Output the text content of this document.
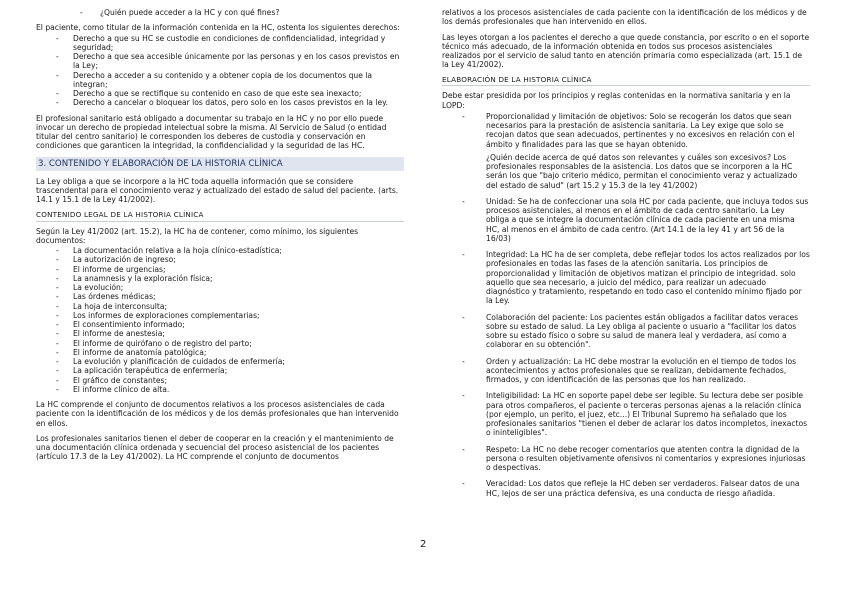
- ¿Quién puede acceder a la HC y con qué fines?

El paciente, como titular de la información contenida en la HC, ostenta los siguientes derechos:

- Derecho a que su HC se custodie en condiciones de confidencialidad, integridad y seguridad;
- Derecho a que sea accesible únicamente por las personas y en los casos previstos en la Ley;
- Derecho a acceder a su contenido y a obtener copia de los documentos que la integran;
- Derecho a que se rectifique su contenido en caso de que este sea inexacto;
- Derecho a cancelar o bloquear los datos, pero solo en los casos previstos en la ley.

El profesional sanitario está obligado a documentar su trabajo en la HC y no por ello puede invocar un derecho de propiedad intelectual sobre la misma. Al Servicio de Salud (o entidad titular del centro sanitario) le corresponden los deberes de custodia y conservación en condiciones que garanticen la integridad, la confidencialidad y la seguridad de las HC.

3. CONTENIDO Y ELABORACIÓN DE LA HISTORIA CLÍNICA

La Ley obliga a que se incorpore a la HC toda aquella información que se considere trascendental para el conocimiento veraz y actualizado del estado de salud del paciente. (arts. 14.1 y 15.1 de la Ley 41/2002).

CONTENIDO LEGAL DE LA HISTORIA CLÍNICA

Según la Ley 41/2002 (art. 15.2), la HC ha de contener, como mínimo, los siguientes documentos:

- La documentación relativa a la hoja clínico-estadística;
- La autorización de ingreso;
- El informe de urgencias;
- La anamnesis y la exploración física;
- La evolución;
- Las órdenes médicas;
- La hoja de interconsulta;
- Los informes de exploraciones complementarias;
- El consentimiento informado;
- El informe de anestesia;
- El informe de quirófano o de registro del parto;
- El informe de anatomía patológica;
- La evolución y planificación de cuidados de enfermería;
- La aplicación terapéutica de enfermería;
- El gráfico de constantes;
- El informe clínico de alta.

La HC comprende el conjunto de documentos relativos a los procesos asistenciales de cada paciente con la identificación de los médicos y de los demás profesionales que han intervenido en ellos.

Los profesionales sanitarios tienen el deber de cooperar en la creación y el mantenimiento de una documentación clínica ordenada y secuencial del proceso asistencial de los pacientes (artículo 17.3 de la Ley 41/2002). La HC comprende el conjunto de documentos

relativos a los procesos asistenciales de cada paciente con la identificación de los médicos y de los demás profesionales que han intervenido en ellos.

Las leyes otorgan a los pacientes el derecho a que quede constancia, por escrito o en el soporte técnico más adecuado, de la información obtenida en todos sus procesos asistenciales realizados por el servicio de salud tanto en atención primaria como especializada (art. 15.1 de la Ley 41/2002).

ELABORACIÓN DE LA HISTORIA CLÍNICA

Debe estar presidida por los principios y reglas contenidas en la normativa sanitaria y en la LOPD:

- Proporcionalidad y limitación de objetivos: Solo se recogerán los datos que sean necesarios para la prestación de asistencia sanitaria. La Ley exige que solo se recojan datos que sean adecuados, pertinentes y no excesivos en relación con el ámbito y finalidades para las que se hayan obtenido.

¿Quién decide acerca de qué datos son relevantes y cuáles son excesivos? Los profesionales responsables de la asistencia. Los datos que se incorporen a la HC serán los que "bajo criterio médico, permitan el conocimiento veraz y actualizado del estado de salud" (art 15.2 y 15.3 de la ley 41/2002)

- Unidad: Se ha de confeccionar una sola HC por cada paciente, que incluya todos sus procesos asistenciales, al menos en el ámbito de cada centro sanitario. La Ley obliga a que se integre la documentación clínica de cada paciente en una misma HC, al menos en el ámbito de cada centro. (Art 14.1 de la ley 41 y art 56 de la 16/03)
- Integridad: La HC ha de ser completa, debe reflejar todos los actos realizados por los profesionales en todas las fases de la atención sanitaria. Los principios de proporcionalidad y limitación de objetivos matizan el principio de integridad. solo aquello que sea necesario, a juicio del médico, para realizar un adecuado diagnóstico y tratamiento, respetando en todo caso el contenido mínimo fijado por la Ley.
- Colaboración del paciente: Los pacientes están obligados a facilitar datos veraces sobre su estado de salud. La Ley obliga al paciente o usuario a "facilitar los datos sobre su estado físico o sobre su salud de manera leal y verdadera, así como a colaborar en su obtención".
- Orden y actualización: La HC debe mostrar la evolución en el tiempo de todos los acontecimientos y actos profesionales que se realizan, debidamente fechados, firmados, y con identificación de las personas que los han realizado.
- Inteligibilidad: La HC en soporte papel debe ser legible. Su lectura debe ser posible para otros compañeros, el paciente o terceras personas ajenas a la relación clínica (por ejemplo, un perito, el juez, etc...) El Tribunal Supremo ha señalado que los profesionales sanitarios "tienen el deber de aclarar los datos incompletos, inexactos o ininteligibles".
- Respeto: La HC no debe recoger comentarios que atenten contra la dignidad de la persona o resulten objetivamente ofensivos ni comentarios y expresiones injuriosas o despectivas.
- Veracidad: Los datos que refleje la HC deben ser verdaderos. Falsear datos de una HC, lejos de ser una práctica defensiva, es una conducta de riesgo añadida.
2
